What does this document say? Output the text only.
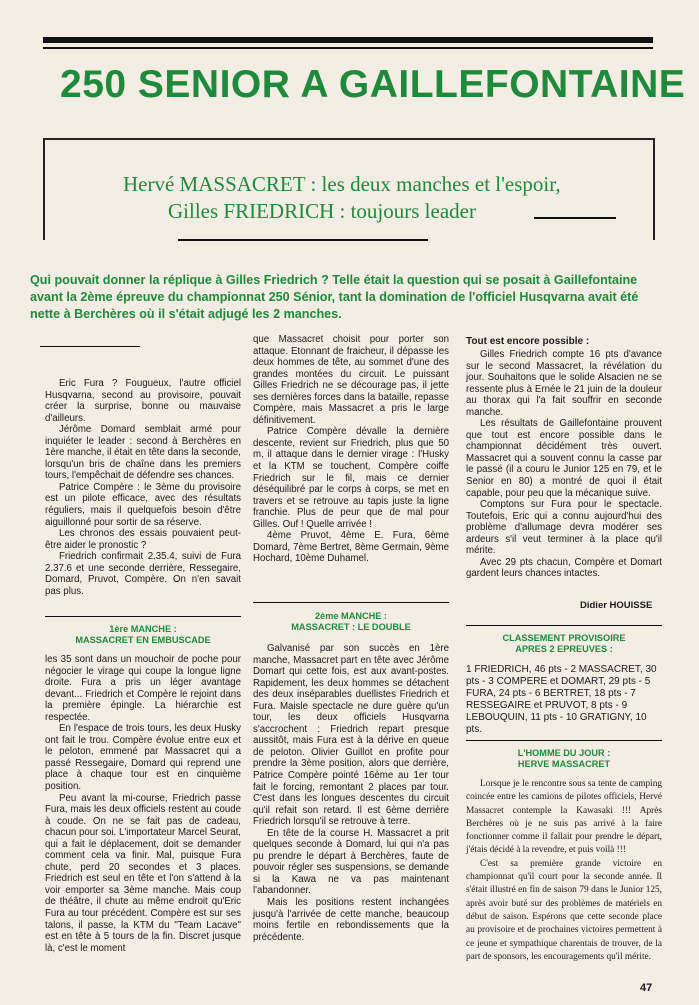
250 SENIOR A GAILLEFONTAINE
Hervé MASSACRET : les deux manches et l'espoir,
Gilles FRIEDRICH : toujours leader
Qui pouvait donner la réplique à Gilles Friedrich ? Telle était la question qui se posait à Gaillefontaine avant la 2ème épreuve du championnat 250 Sénior, tant la domination de l'officiel Husqvarna avait été nette à Berchères où il s'était adjugé les 2 manches.

Eric Fura ? Fougueux, l'autre officiel Husqvarna, second au provisoire, pouvait créer la surprise, bonne ou mauvaise d'ailleurs.

Jérôme Domard semblait armé pour inquiéter le leader : second à Berchères en 1ère manche, il était en tête dans la seconde, lorsqu'un bris de chaîne dans les premiers tours, l'empêchait de défendre ses chances.

Patrice Compère : le 3ème du provisoire est un pilote efficace, avec des résultats réguliers, mais il quelquefois besoin d'être aiguillonné pour sortir de sa réserve.

Les chronos des essais pouvaient peut-être aider le pronostic ?

Friedrich confirmait 2.35.4, suivi de Fura 2.37.6 et une seconde derrière, Ressegaire, Domard, Pruvot, Compère. On n'en savait pas plus.

1ère MANCHE :
MASSACRET EN EMBUSCADE

les 35 sont dans un mouchoir de poche pour négocier le virage qui coupe la longue ligne droite. Fura a pris un léger avantage devant... Friedrich et Compère le rejoint dans la première épingle. La hiérarchie est respectée.

En l'espace de trois tours, les deux Husky ont fait le trou. Compère évolue entre eux et le peloton, emmené par Massacret qui a passé Ressegaire, Domard qui reprend une place à chaque tour est en cinquième position.

Peu avant la mi-course, Friedrich passe Fura, mais les deux officiels restent au coude à coude. On ne se fait pas de cadeau, chacun pour soi. L'importateur Marcel Seurat, qui a fait le déplacement, doit se demander comment cela va finir. Mal, puisque Fura chute, perd 20 secondes et 3 places. Friedrich est seul en tête et l'on s'attend à la voir emporter sa 3ème manche. Mais coup de théâtre, il chute au même endroit qu'Eric Fura au tour précédent. Compère est sur ses talons, il passe, la KTM du "Team Lacave" est en tête à 5 tours de la fin. Discret jusque là, c'est le moment

que Massacret choisit pour porter son attaque. Etonnant de fraicheur, il dépasse les deux hommes de tête, au sommet d'une des grandes montées du circuit. Le puissant Gilles Friedrich ne se décourage pas, il jette ses dernières forces dans la bataille, repasse Compère, mais Massacret a pris le large définitivement.

Patrice Compère dévalle la dernière descente, revient sur Friedrich, plus que 50 m, il attaque dans le dernier virage : l'Husky et la KTM se touchent, Compère coiffe Friedrich sur le fil, mais ce dernier déséquilibré par le corps à corps, se met en travers et se retrouve au tapis juste la ligne franchie. Plus de peur que de mal pour Gilles. Ouf ! Quelle arrivée !

4ème Pruvot, 4ème E. Fura, 6ème Domard, 7ème Bertret, 8ème Germain, 9ème Hochard, 10ème Duhamel.

2ème MANCHE :
MASSACRET : LE DOUBLE

Galvanisé par son succès en 1ère manche, Massacret part en tête avec Jérôme Domart qui cette fois, est aux avant-postes. Rapidement, les deux hommes se détachent des deux inséparables duellistes Friedrich et Fura. Maisle spectacle ne dure guère qu'un tour, les deux officiels Husqvarna s'accrochent : Friedrich repart presque aussitôt, mais Fura est à la dérive en queue de peloton. Olivier Guillot en profite pour prendre la 3ème position, alors que derrière, Patrice Compère pointé 16ème au 1er tour fait le forcing, remontant 2 places par tour. C'est dans les longues descentes du circuit qu'il refait son retard. Il est 6ème derrière Friedrich lorsqu'il se retrouve à terre.

En tête de la course H. Massacret a prit quelques seconde à Domard, lui qui n'a pas pu prendre le départ à Berchères, faute de pouvoir régler ses suspensions, se demande si la Kawa ne va pas maintenant l'abandonner.

Mais les positions restent inchangées jusqu'à l'arrivée de cette manche, beaucoup moins fertile en rebondissements que la précédente.

Tout est encore possible :

Gilles Friedrich compte 16 pts d'avance sur le second Massacret, la révélation du jour. Souhaitons que le solide Alsacien ne se ressente plus à Ernée le 21 juin de la douleur au thorax qui l'a fait souffrir en seconde manche.

Les résultats de Gaillefontaine prouvent que tout est encore possible dans le championnat décidément très ouvert. Massacret qui a souvent connu la casse par le passé (il a couru le Junior 125 en 79, et le Senior en 80) a montré de quoi il était capable, pour peu que la mécanique suive.

Comptons sur Fura pour le spectacle. Toutefois, Eric qui a connu aujourd'hui des problème d'allumage devra modérer ses ardeurs s'il veut terminer à la place qu'il mérite.

Avec 29 pts chacun, Compère et Domart gardent leurs chances intactes.

Didier HOUISSE
CLASSEMENT PROVISOIRE
APRES 2 EPREUVES :
1 FRIEDRICH, 46 pts - 2 MASSACRET, 30 pts - 3 COMPERE et DOMART, 29 pts - 5 FURA, 24 pts - 6 BERTRET, 18 pts - 7 RESSEGAIRE et PRUVOT, 8 pts - 9 LEBOUQUIN, 11 pts - 10 GRATIGNY, 10 pts.
L'HOMME DU JOUR :
HERVE MASSACRET

Lorsque je le rencontre sous sa tente de camping coincée entre les camions de pilotes officiels, Hervé Massacret contemple la Kawasaki !!! Après Berchères où je ne suis pas arrivé à la faire fonctionner comme il fallait pour prendre le départ, j'étais décidé à la revendre, et puis voilà !!!

C'est sa première grande victoire en championnat qu'il court pour la seconde année. Il s'était illustré en fin de saison 79 dans le Junior 125, après avoir buté sur des problèmes de matériels en début de saison. Espérons que cette seconde place au provisoire et de prochaines victoires permettent à ce jeune et sympathique charentais de trouver, de la part de sponsors, les encouragements qu'il mérite.

47
